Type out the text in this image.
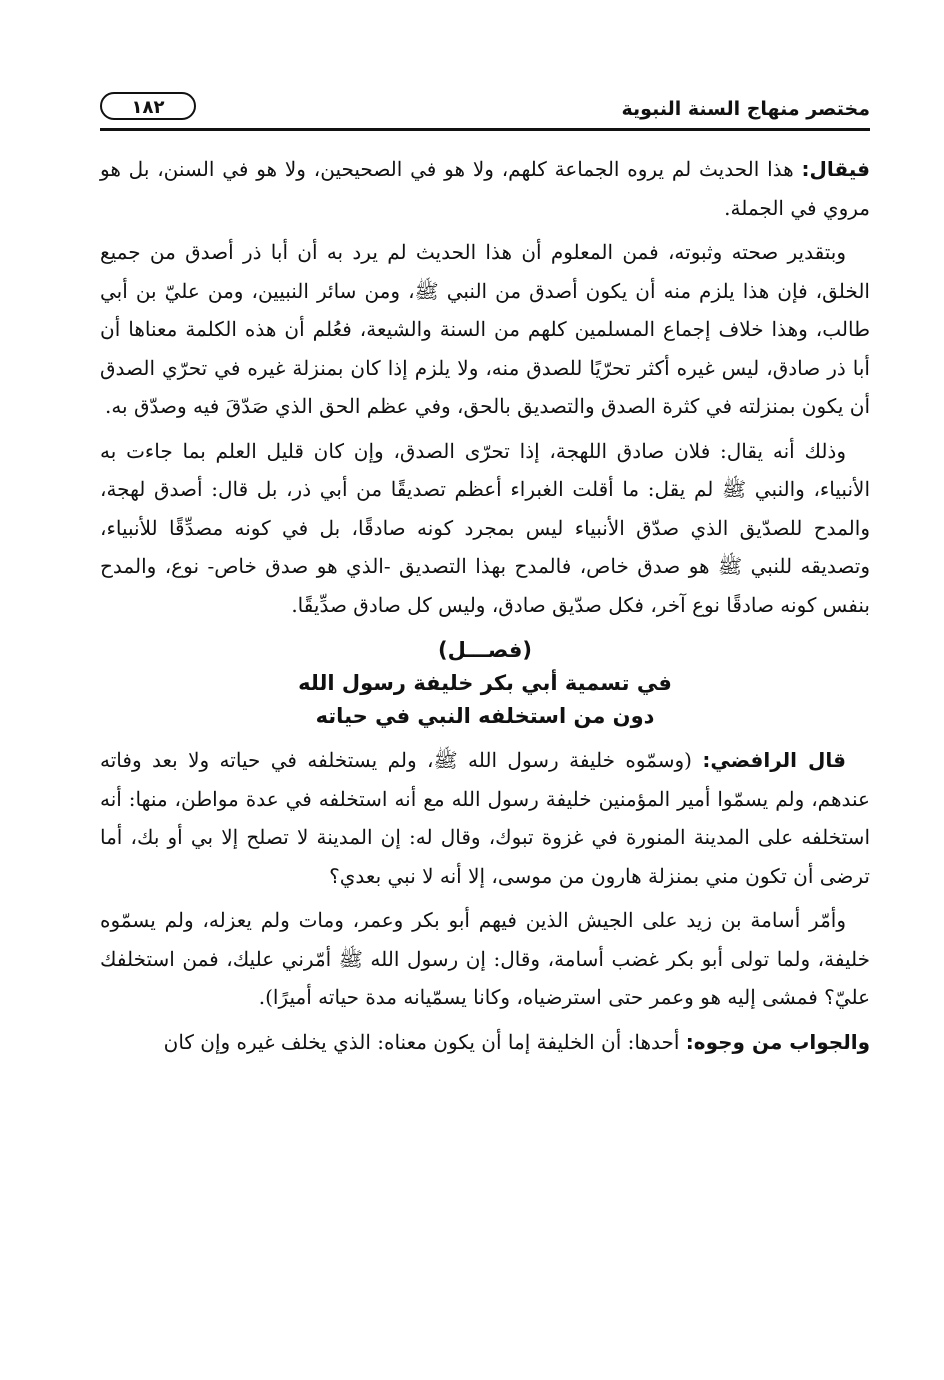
مختصر منهاج السنة النبوية
١٨٢

فيقال: هذا الحديث لم يروه الجماعة كلهم، ولا هو في الصحيحين، ولا هو في السنن، بل هو مروي في الجملة.

وبتقدير صحته وثبوته، فمن المعلوم أن هذا الحديث لم يرد به أن أبا ذر أصدق من جميع الخلق، فإن هذا يلزم منه أن يكون أصدق من النبي ﷺ، ومن سائر النبيين، ومن عليّ بن أبي طالب، وهذا خلاف إجماع المسلمين كلهم من السنة والشيعة، فعُلم أن هذه الكلمة معناها أن أبا ذر صادق، ليس غيره أكثر تحرّيًا للصدق منه، ولا يلزم إذا كان بمنزلة غيره في تحرّي الصدق أن يكون بمنزلته في كثرة الصدق والتصديق بالحق، وفي عظم الحق الذي صَدّقَ فيه وصدّق به.

وذلك أنه يقال: فلان صادق اللهجة، إذا تحرّى الصدق، وإن كان قليل العلم بما جاءت به الأنبياء، والنبي ﷺ لم يقل: ما أقلت الغبراء أعظم تصديقًا من أبي ذر، بل قال: أصدق لهجة، والمدح للصدّيق الذي صدّق الأنبياء ليس بمجرد كونه صادقًا، بل في كونه مصدِّقًا للأنبياء، وتصديقه للنبي ﷺ هو صدق خاص، فالمدح بهذا التصديق -الذي هو صدق خاص- نوع، والمدح بنفس كونه صادقًا نوع آخر، فكل صدّيق صادق، وليس كل صادق صدِّيقًا.

(فصـــل)
في تسمية أبي بكر خليفة رسول الله
دون من استخلفه النبي في حياته

قال الرافضي: (وسمّوه خليفة رسول الله ﷺ، ولم يستخلفه في حياته ولا بعد وفاته عندهم، ولم يسمّوا أمير المؤمنين خليفة رسول الله مع أنه استخلفه في عدة مواطن، منها: أنه استخلفه على المدينة المنورة في غزوة تبوك، وقال له: إن المدينة لا تصلح إلا بي أو بك، أما ترضى أن تكون مني بمنزلة هارون من موسى، إلا أنه لا نبي بعدي؟

وأمّر أسامة بن زيد على الجيش الذين فيهم أبو بكر وعمر، ومات ولم يعزله، ولم يسمّوه خليفة، ولما تولى أبو بكر غضب أسامة، وقال: إن رسول الله ﷺ أمّرني عليك، فمن استخلفك عليّ؟ فمشى إليه هو وعمر حتى استرضياه، وكانا يسمّيانه مدة حياته أميرًا).

والجواب من وجوه: أحدها: أن الخليفة إما أن يكون معناه: الذي يخلف غيره وإن كان
